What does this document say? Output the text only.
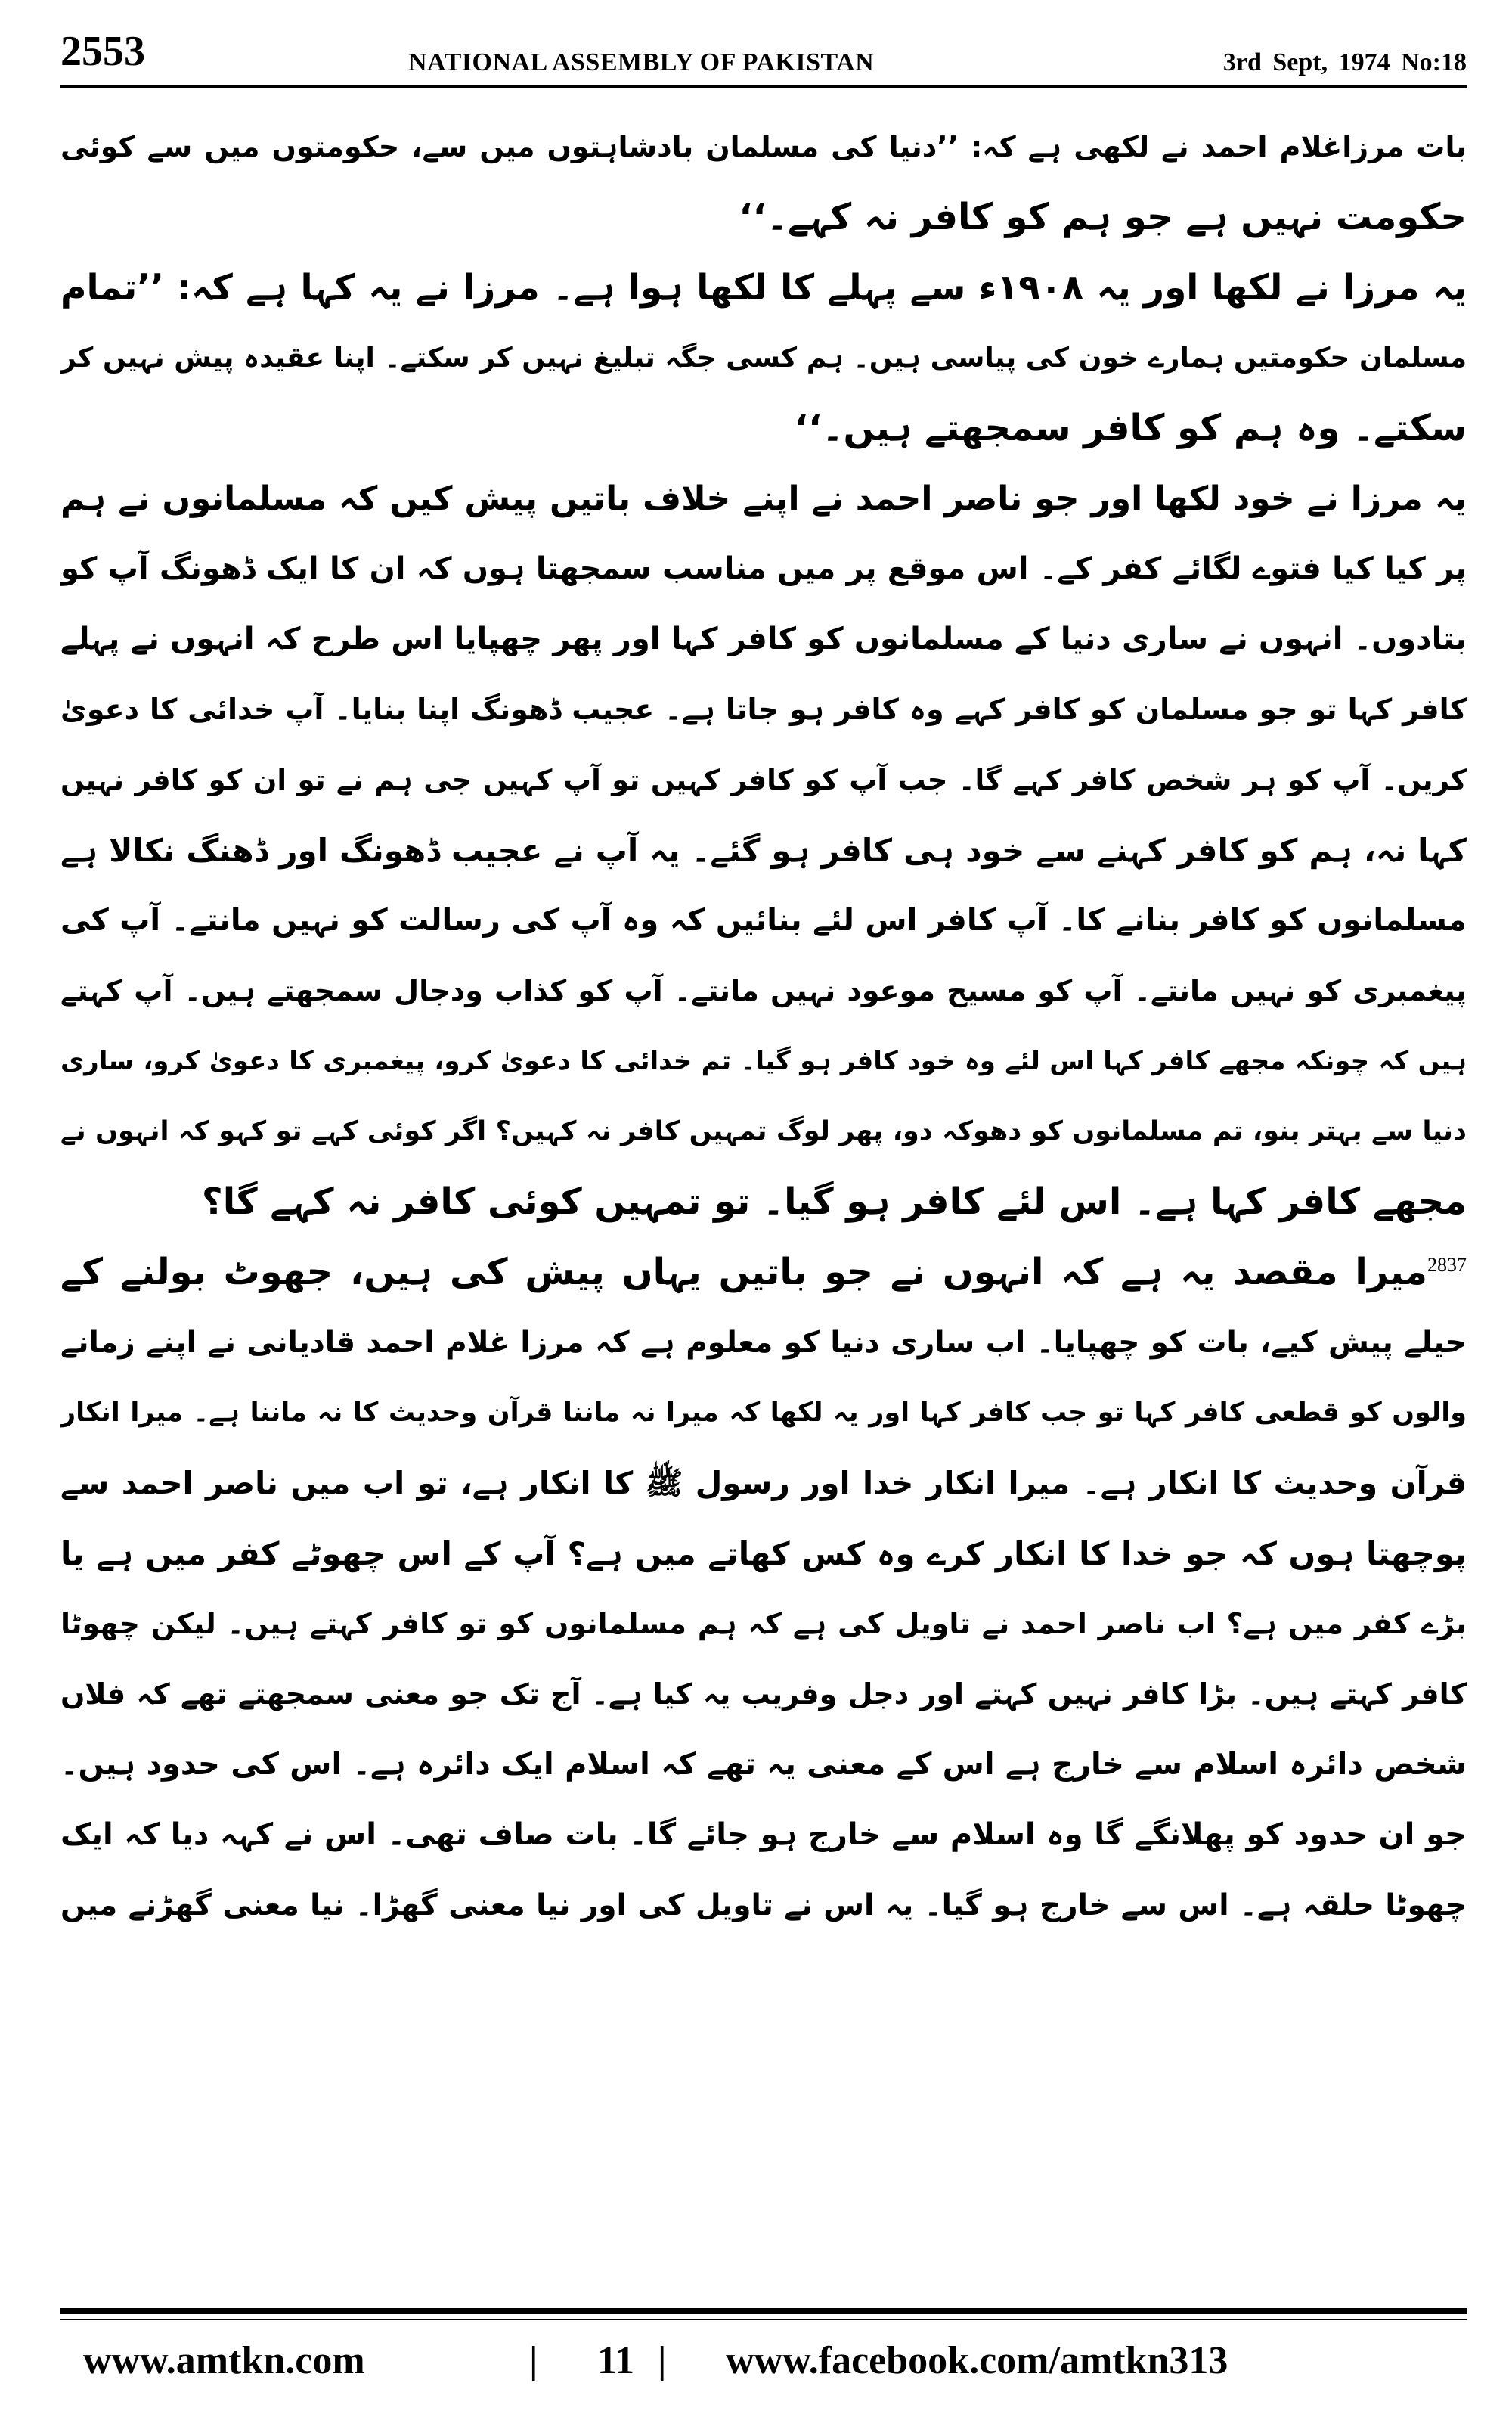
2553	NATIONAL ASSEMBLY OF PAKISTAN	3rd Sept, 1974 No:18

بات مرزاغلام احمد نے لکھی ہے کہ: ’’دنیا کی مسلمان بادشاہتوں میں سے، حکومتوں میں سے کوئی
حکومت نہیں ہے جو ہم کو کافر نہ کہے۔‘‘

یہ مرزا نے لکھا اور یہ ۱۹۰۸ء سے پہلے کا لکھا ہوا ہے۔ مرزا نے یہ کہا ہے کہ: ’’تمام
مسلمان حکومتیں ہمارے خون کی پیاسی ہیں۔ ہم کسی جگہ تبلیغ نہیں کر سکتے۔ اپنا عقیدہ پیش نہیں کر
سکتے۔ وہ ہم کو کافر سمجھتے ہیں۔‘‘

یہ مرزا نے خود لکھا اور جو ناصر احمد نے اپنے خلاف باتیں پیش کیں کہ مسلمانوں نے ہم
پر کیا کیا فتوے لگائے کفر کے۔ اس موقع پر میں مناسب سمجھتا ہوں کہ ان کا ایک ڈھونگ آپ کو
بتادوں۔ انہوں نے ساری دنیا کے مسلمانوں کو کافر کہا اور پھر چھپایا اس طرح کہ انہوں نے پہلے
کافر کہا تو جو مسلمان کو کافر کہے وہ کافر ہو جاتا ہے۔ عجیب ڈھونگ اپنا بنایا۔ آپ خدائی کا دعویٰ
کریں۔ آپ کو ہر شخص کافر کہے گا۔ جب آپ کو کافر کہیں تو آپ کہیں جی ہم نے تو ان کو کافر نہیں
کہا نہ، ہم کو کافر کہنے سے خود ہی کافر ہو گئے۔ یہ آپ نے عجیب ڈھونگ اور ڈھنگ نکالا ہے
مسلمانوں کو کافر بنانے کا۔ آپ کافر اس لئے بنائیں کہ وہ آپ کی رسالت کو نہیں مانتے۔ آپ کی
پیغمبری کو نہیں مانتے۔ آپ کو مسیح موعود نہیں مانتے۔ آپ کو کذاب ودجال سمجھتے ہیں۔ آپ کہتے
ہیں کہ چونکہ مجھے کافر کہا اس لئے وہ خود کافر ہو گیا۔ تم خدائی کا دعویٰ کرو، پیغمبری کا دعویٰ کرو، ساری
دنیا سے بہتر بنو، تم مسلمانوں کو دھوکہ دو، پھر لوگ تمہیں کافر نہ کہیں؟ اگر کوئی کہے تو کہو کہ انہوں نے
مجھے کافر کہا ہے۔ اس لئے کافر ہو گیا۔ تو تمہیں کوئی کافر نہ کہے گا؟

$^{2837}$میرا مقصد یہ ہے کہ انہوں نے جو باتیں یہاں پیش کی ہیں، جھوٹ بولنے کے
حیلے پیش کیے، بات کو چھپایا۔ اب ساری دنیا کو معلوم ہے کہ مرزا غلام احمد قادیانی نے اپنے زمانے
والوں کو قطعی کافر کہا تو جب کافر کہا اور یہ لکھا کہ میرا نہ ماننا قرآن وحدیث کا نہ ماننا ہے۔ میرا انکار
قرآن وحدیث کا انکار ہے۔ میرا انکار خدا اور رسول ﷺ کا انکار ہے، تو اب میں ناصر احمد سے
پوچھتا ہوں کہ جو خدا کا انکار کرے وہ کس کھاتے میں ہے؟ آپ کے اس چھوٹے کفر میں ہے یا
بڑے کفر میں ہے؟ اب ناصر احمد نے تاویل کی ہے کہ ہم مسلمانوں کو تو کافر کہتے ہیں۔ لیکن چھوٹا
کافر کہتے ہیں۔ بڑا کافر نہیں کہتے اور دجل وفریب یہ کیا ہے۔ آج تک جو معنی سمجھتے تھے کہ فلاں
شخص دائرہ اسلام سے خارج ہے اس کے معنی یہ تھے کہ اسلام ایک دائرہ ہے۔ اس کی حدود ہیں۔
جو ان حدود کو پھلانگے گا وہ اسلام سے خارج ہو جائے گا۔ بات صاف تھی۔ اس نے کہہ دیا کہ ایک
چھوٹا حلقہ ہے۔ اس سے خارج ہو گیا۔ یہ اس نے تاویل کی اور نیا معنی گھڑا۔ نیا معنی گھڑنے میں

www.amtkn.com	| 11 | www.facebook.com/amtkn313
